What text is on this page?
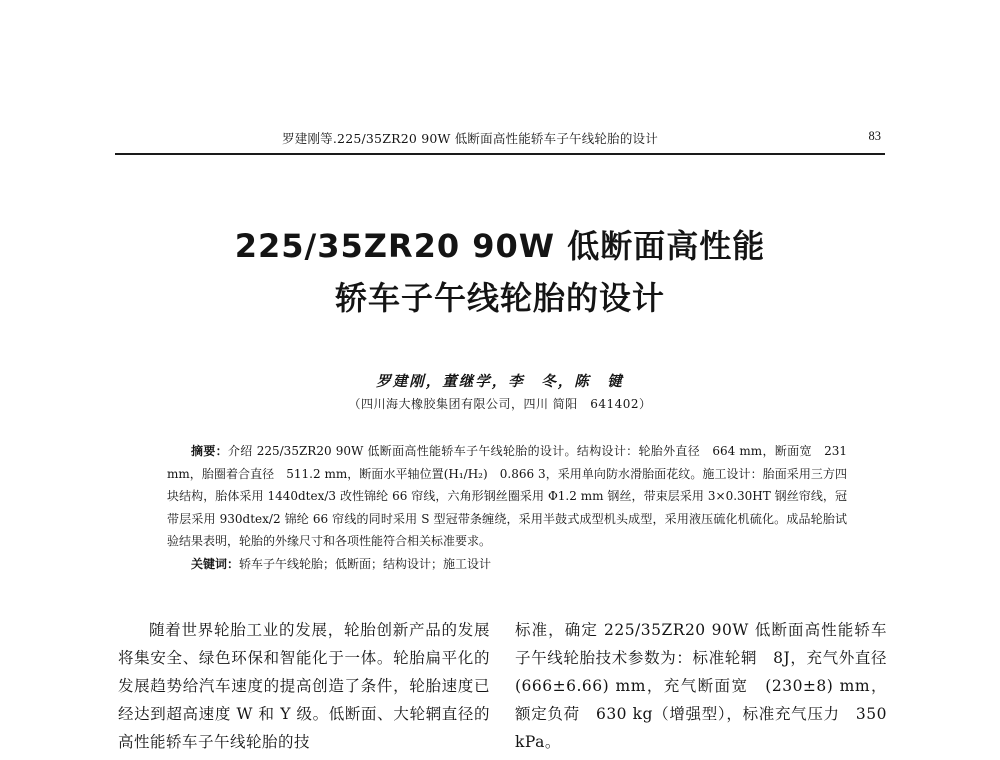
罗建刚等.225/35ZR20 90W 低断面高性能轿车子午线轮胎的设计	83
225/35ZR20 90W 低断面高性能
轿车子午线轮胎的设计
罗建刚，董继学，李　冬，陈　键
（四川海大橡胶集团有限公司，四川 简阳　641402）

摘要：介绍 225/35ZR20 90W 低断面高性能轿车子午线轮胎的设计。结构设计：轮胎外直径　664 mm，断面宽　231 mm，胎圈着合直径　511.2 mm，断面水平轴位置(H₁/H₂)　0.866 3，采用单向防水滑胎面花纹。施工设计：胎面采用三方四块结构，胎体采用 1440dtex/3 改性锦纶 66 帘线，六角形钢丝圈采用 Φ1.2 mm 钢丝，带束层采用 3×0.30HT 钢丝帘线，冠带层采用 930dtex/2 锦纶 66 帘线的同时采用 S 型冠带条缠绕，采用半鼓式成型机头成型，采用液压硫化机硫化。成品轮胎试验结果表明，轮胎的外缘尺寸和各项性能符合相关标准要求。

关键词：轿车子午线轮胎；低断面；结构设计；施工设计

随着世界轮胎工业的发展，轮胎创新产品的发展将集安全、绿色环保和智能化于一体。轮胎扁平化的发展趋势给汽车速度的提高创造了条件，轮胎速度已经达到超高速度 W 和 Y 级。低断面、大轮辋直径的高性能轿车子午线轮胎的技

标准，确定 225/35ZR20 90W 低断面高性能轿车子午线轮胎技术参数为：标准轮辋　8J，充气外直径　(666±6.66) mm，充气断面宽　(230±8) mm，额定负荷　630 kg（增强型），标准充气压力　350 kPa。
